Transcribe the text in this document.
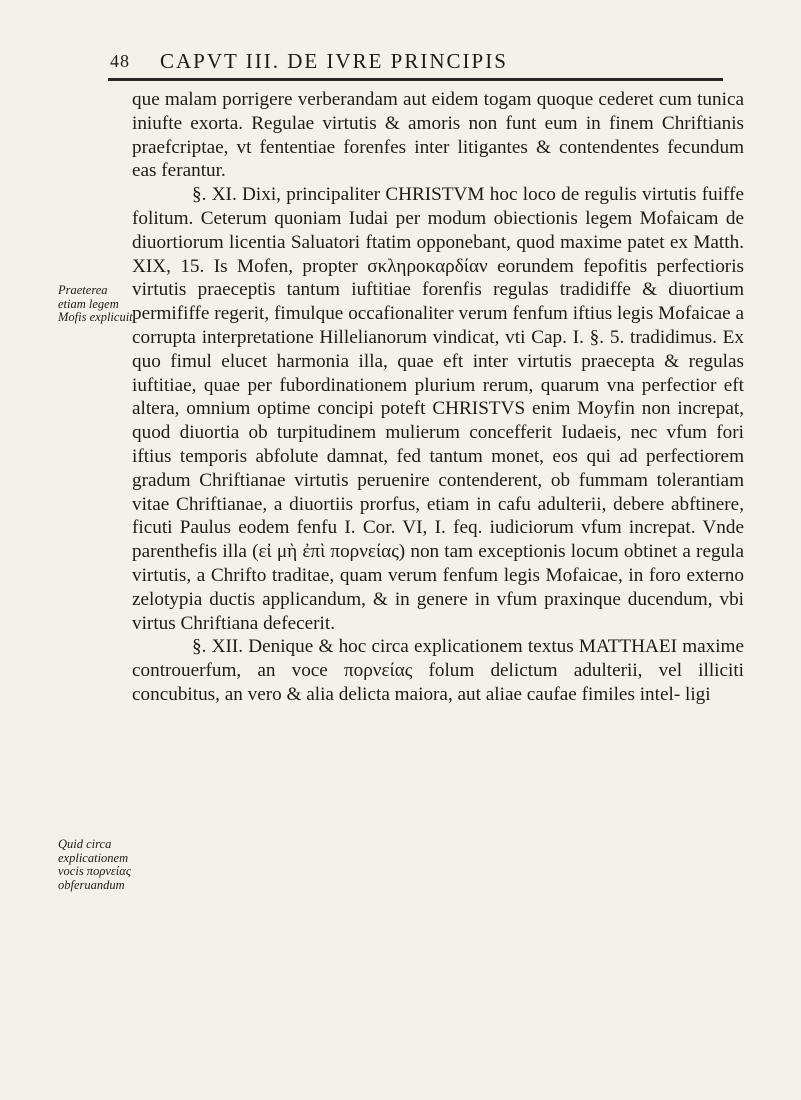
48 CAPVT III. DE IVRE PRINCIPIS
Praeterea etiam legem Mofis explicuit.
Quid circa explicationem vocis πορνείας obferuandum

que malam porrigere verberandam aut eidem togam quoque cederet cum tunica iniufte exorta. Regulae virtutis & amoris non funt eum in finem Chriftianis praefcriptae, vt fententiae forenfes inter litigantes & contendentes fecundum eas ferantur.

§. XI. Dixi, principaliter CHRISTVM hoc loco de regulis virtutis fuiffe folitum. Ceterum quoniam Iudai per modum obiectionis legem Mofaicam de diuortiorum licentia Saluatori ftatim opponebant, quod maxime patet ex Matth. XIX, 15. Is Mofen, propter σκληροκαρδίαν eorundem fepofitis perfectioris virtutis praeceptis tantum iuftitiae forenfis regulas tradidiffe & diuortium permififfe regerit, fimulque occafionaliter verum fenfum iftius legis Mofaicae a corrupta interpretatione Hillelianorum vindicat, vti Cap. I. §. 5. tradidimus. Ex quo fimul elucet harmonia illa, quae eft inter virtutis praecepta & regulas iuftitiae, quae per fubordinationem plurium rerum, quarum vna perfectior eft altera, omnium optime concipi poteft CHRISTVS enim Moyfin non increpat, quod diuortia ob turpitudinem mulierum concefferit Iudaeis, nec vfum fori iftius temporis abfolute damnat, fed tantum monet, eos qui ad perfectiorem gradum Chriftianae virtutis peruenire contenderent, ob fummam tolerantiam vitae Chriftianae, a diuortiis prorfus, etiam in cafu adulterii, debere abftinere, ficuti Paulus eodem fenfu I. Cor. VI, I. feq. iudiciorum vfum increpat. Vnde parenthefis illa (εἰ μὴ ἐπὶ πορνείας) non tam exceptionis locum obtinet a regula virtutis, a Chrifto traditae, quam verum fenfum legis Mofaicae, in foro externo zelotypia ductis applicandum, & in genere in vfum praxinque ducendum, vbi virtus Chriftiana defecerit.

§. XII. Denique & hoc circa explicationem textus MATTHAEI maxime controuerfum, an voce πορνείας folum delictum adulterii, vel illiciti concubitus, an vero & alia delicta maiora, aut aliae caufae fimiles intel- ligi
